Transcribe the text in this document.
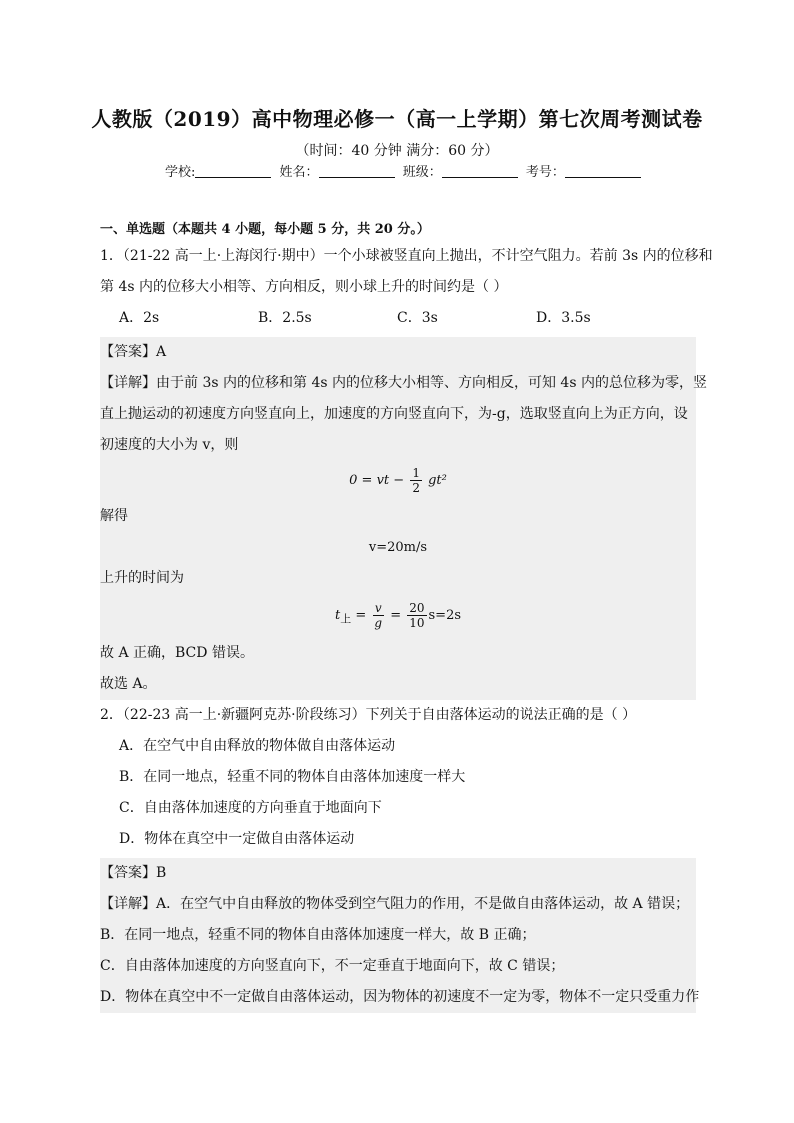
人教版（2019）高中物理必修一（高一上学期）第七次周考测试卷
（时间：40 分钟 满分：60 分）
学校:	姓名：	班级：	考号：
一、单选题（本题共 4 小题，每小题 5 分，共 20 分。）
1．（21-22 高一上·上海闵行·期中）一个小球被竖直向上抛出，不计空气阻力。若前 3s 内的位移和
第 4s 内的位移大小相等、方向相反，则小球上升的时间约是（ ）
A．2s	B．2.5s	C．3s	D．3.5s
【答案】A
【详解】由于前 3s 内的位移和第 4s 内的位移大小相等、方向相反，可知 4s 内的总位移为零，竖
直上抛运动的初速度方向竖直向上，加速度的方向竖直向下，为-g，选取竖直向上为正方向，设
初速度的大小为 v，则
0 = vt − $\frac{1}{2} gt^2$
解得
v=20m/s
上升的时间为
$t_上 = \frac{v}{g} = \frac{20}{10} s=2s$
故 A 正确，BCD 错误。
故选 A。
2．（22-23 高一上·新疆阿克苏·阶段练习）下列关于自由落体运动的说法正确的是（ ）
A．在空气中自由释放的物体做自由落体运动
B．在同一地点，轻重不同的物体自由落体加速度一样大
C．自由落体加速度的方向垂直于地面向下
D．物体在真空中一定做自由落体运动
【答案】B
【详解】A．在空气中自由释放的物体受到空气阻力的作用，不是做自由落体运动，故 A 错误；
B．在同一地点，轻重不同的物体自由落体加速度一样大，故 B 正确；
C．自由落体加速度的方向竖直向下，不一定垂直于地面向下，故 C 错误；
D．物体在真空中不一定做自由落体运动，因为物体的初速度不一定为零，物体不一定只受重力作
